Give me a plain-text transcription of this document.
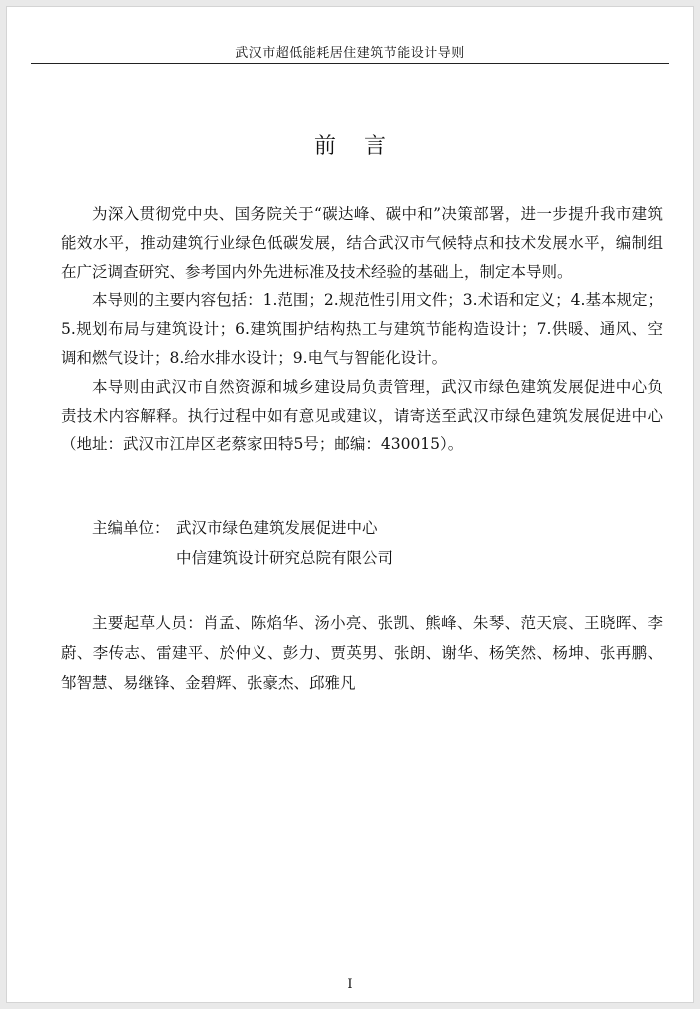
武汉市超低能耗居住建筑节能设计导则
前言

为深入贯彻党中央、国务院关于“碳达峰、碳中和”决策部署，进一步提升我市建筑能效水平，推动建筑行业绿色低碳发展，结合武汉市气候特点和技术发展水平，编制组在广泛调查研究、参考国内外先进标准及技术经验的基础上，制定本导则。

本导则的主要内容包括：1.范围；2.规范性引用文件；3.术语和定义；4.基本规定；5.规划布局与建筑设计；6.建筑围护结构热工与建筑节能构造设计；7.供暖、通风、空调和燃气设计；8.给水排水设计；9.电气与智能化设计。

本导则由武汉市自然资源和城乡建设局负责管理，武汉市绿色建筑发展促进中心负责技术内容解释。执行过程中如有意见或建议，请寄送至武汉市绿色建筑发展促进中心（地址：武汉市江岸区老蔡家田特5号；邮编：430015）。

主编单位： 武汉市绿色建筑发展促进中心
中信建筑设计研究总院有限公司

主要起草人员：肖孟、陈焰华、汤小亮、张凯、熊峰、朱琴、范天宸、王晓晖、李蔚、李传志、雷建平、於仲义、彭力、贾英男、张朗、谢华、杨笑然、杨坤、张再鹏、邹智慧、易继锋、金碧辉、张豪杰、邱雅凡

I
